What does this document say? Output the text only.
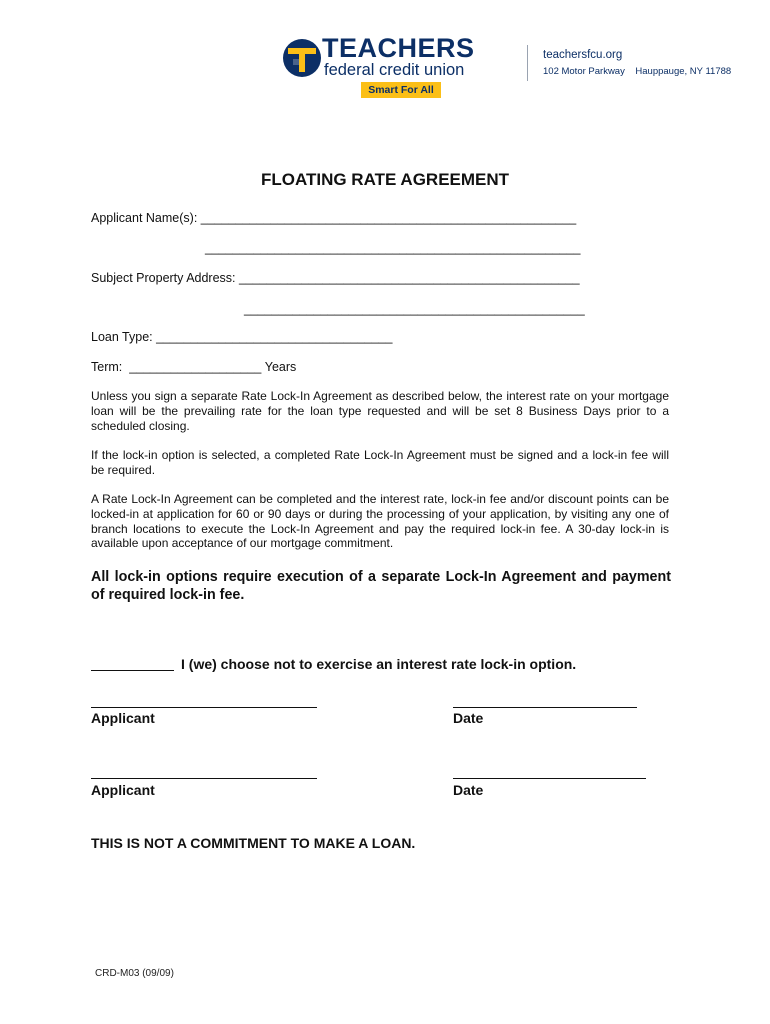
TEACHERS
federal credit union
Smart For All
teachersfcu.org
102 Motor Parkway    Hauppauge, NY 11788
FLOATING RATE AGREEMENT
Applicant Name(s): ______________________________________________________
______________________________________________________
Subject Property Address: _________________________________________________
_________________________________________________
Loan Type: __________________________________
Term: ___________________ Years
Unless you sign a separate Rate Lock-In Agreement as described below, the interest rate on your mortgage loan will be the prevailing rate for the loan type requested and will be set 8 Business Days prior to a scheduled closing.
If the lock-in option is selected, a completed Rate Lock-In Agreement must be signed and a lock-in fee will be required.
A Rate Lock-In Agreement can be completed and the interest rate, lock-in fee and/or discount points can be locked-in at application for 60 or 90 days or during the processing of your application, by visiting any one of branch locations to execute the Lock-In Agreement and pay the required lock-in fee. A 30-day lock-in is available upon acceptance of our mortgage commitment.
All lock-in options require execution of a separate Lock-In Agreement and payment of required lock-in fee.
I (we) choose not to exercise an interest rate lock-in option.
Applicant	Date
Applicant	Date
THIS IS NOT A COMMITMENT TO MAKE A LOAN.
CRD-M03 (09/09)
